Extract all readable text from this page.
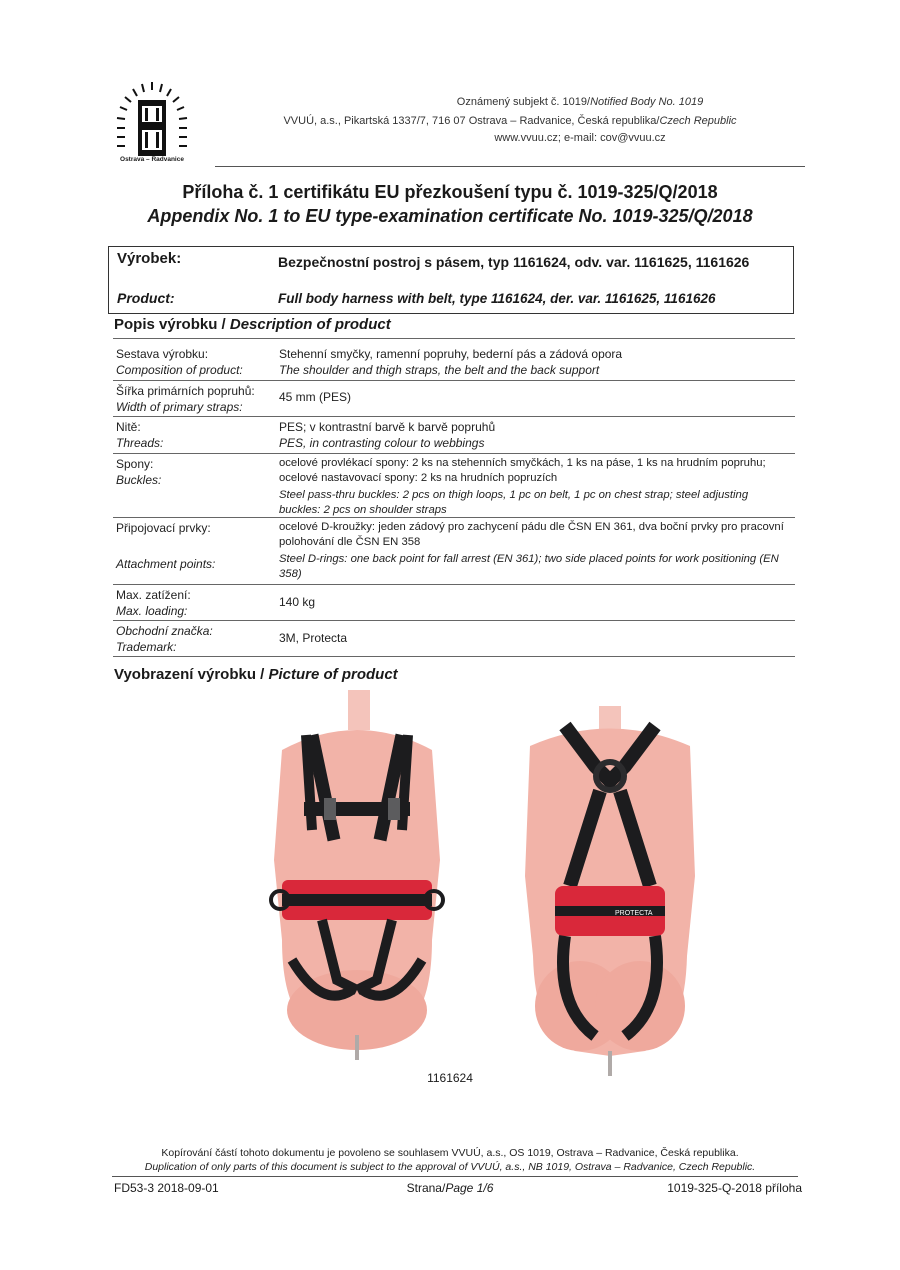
Ostrava – Radvanice
Oznámený subjekt č. 1019/Notified Body No. 1019
VVUÚ, a.s., Pikartská 1337/7, 716 07 Ostrava – Radvanice, Česká republika/Czech Republic
www.vvuu.cz; e-mail: cov@vvuu.cz
Příloha č. 1 certifikátu EU přezkoušení typu č. 1019-325/Q/2018
Appendix No. 1 to EU type-examination certificate No. 1019-325/Q/2018
Výrobek:
Product:
Bezpečnostní postroj s pásem, typ 1161624, odv. var. 1161625, 1161626
Full body harness with belt, type 1161624, der. var. 1161625, 1161626
Popis výrobku / Description of product
Sestava výrobku:
Composition of product:
Stehenní smyčky, ramenní popruhy, bederní pás a zádová opora
The shoulder and thigh straps, the belt and the back support
Šířka primárních popruhů:
Width of primary straps:
45 mm (PES)
Nitě:
Threads:
PES; v kontrastní barvě k barvě popruhů
PES, in contrasting colour to webbings
Spony:
Buckles:
ocelové provlékací spony: 2 ks na stehenních smyčkách, 1 ks na páse, 1 ks na hrudním popruhu; ocelové nastavovací spony: 2 ks na hrudních popruzích
Steel pass-thru buckles: 2 pcs on thigh loops, 1 pc on belt, 1 pc on chest strap; steel adjusting buckles: 2 pcs on shoulder straps
Připojovací prvky:
Attachment points:
ocelové D-kroužky: jeden zádový pro zachycení pádu dle ČSN EN 361, dva boční prvky pro pracovní polohování dle ČSN EN 358
Steel D-rings: one back point for fall arrest (EN 361); two side placed points for work positioning (EN 358)
Max. zatížení:
Max. loading:
140 kg
Obchodní značka:
Trademark:
3M, Protecta
Vyobrazení výrobku / Picture of product
PROTECTA
1161624
Kopírování částí tohoto dokumentu je povoleno se souhlasem VVUÚ, a.s., OS 1019, Ostrava – Radvanice, Česká republika.
Duplication of only parts of this document is subject to the approval of VVUÚ, a.s., NB 1019, Ostrava – Radvanice, Czech Republic.
FD53-3 2018-09-01	Strana/Page 1/6	1019-325-Q-2018 příloha
